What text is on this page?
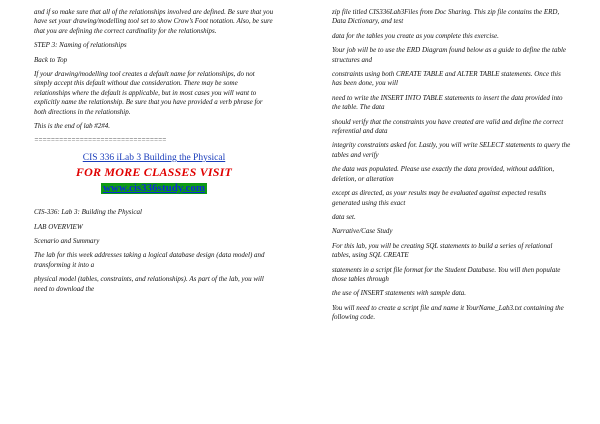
and if so make sure that all of the relationships involved are defined. Be sure that you have set your drawing/modelling tool set to show Crow’s Foot notation. Also, be sure that you are defining the correct cardinality for the relationships.

STEP 3: Naming of relationships

Back to Top

If your drawing/modelling tool creates a default name for relationships, do not simply accept this default without due consideration. There may be some relationships where the default is applicable, but in most cases you will want to explicitly name the relationship. Be sure that you have provided a verb phrase for both directions in the relationship.

This is the end of lab #2#4.

================================

CIS 336 iLab 3 Building the Physical

FOR MORE CLASSES VISIT

www.cis336study.com

CIS-336: Lab 3: Building the Physical

LAB OVERVIEW

Scenario and Summary

The lab for this week addresses taking a logical database design (data model) and transforming it into a

physical model (tables, constraints, and relationships). As part of the lab, you will need to download the

zip file titled CIS336Lab3Files from Doc Sharing. This zip file contains the ERD, Data Dictionary, and test

data for the tables you create as you complete this exercise.

Your job will be to use the ERD Diagram found below as a guide to define the table structures and

constraints using both CREATE TABLE and ALTER TABLE statements. Once this has been done, you will

need to write the INSERT INTO TABLE statements to insert the data provided into the table. The data

should verify that the constraints you have created are valid and define the correct referential and data

integrity constraints asked for. Lastly, you will write SELECT statements to query the tables and verify

the data was populated. Please use exactly the data provided, without addition, deletion, or alteration

except as directed, as your results may be evaluated against expected results generated using this exact

data set.

Narrative/Case Study

For this lab, you will be creating SQL statements to build a series of relational tables, using SQL CREATE

statements in a script file format for the Student Database. You will then populate those tables through

the use of INSERT statements with sample data.

You will need to create a script file and name it YourName_Lab3.txt containing the following code.
